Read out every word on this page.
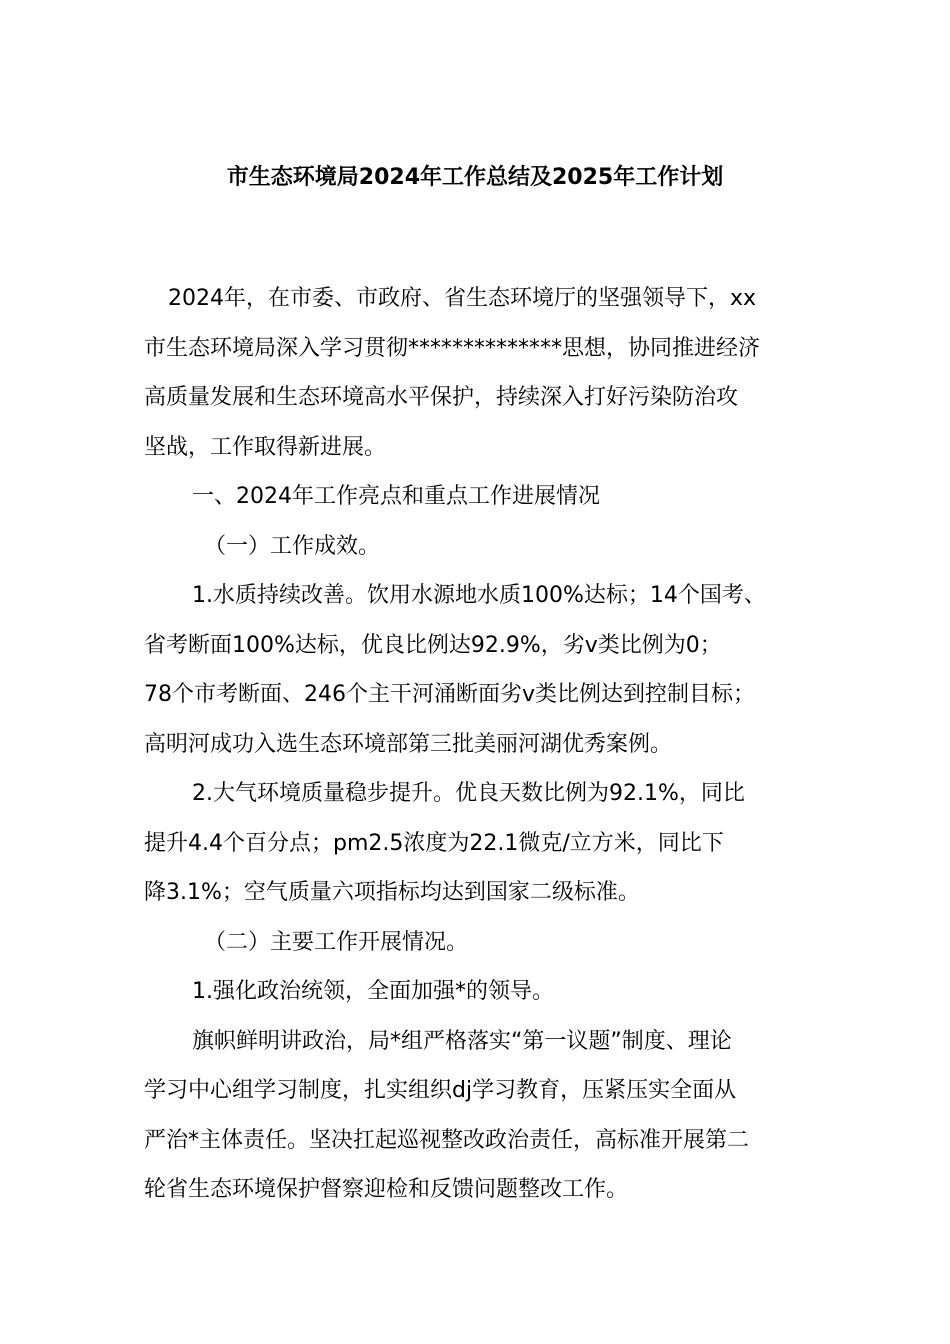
市生态环境局2024年工作总结及2025年工作计划

2024年，在市委、市政府、省生态环境厅的坚强领导下，xx
市生态环境局深入学习贯彻**************思想，协同推进经济
高质量发展和生态环境高水平保护，持续深入打好污染防治攻
坚战，工作取得新进展。

一、2024年工作亮点和重点工作进展情况

（一）工作成效。

1.水质持续改善。饮用水源地水质100%达标；14个国考、
省考断面100%达标，优良比例达92.9%，劣v类比例为0；
78个市考断面、246个主干河涌断面劣v类比例达到控制目标；
高明河成功入选生态环境部第三批美丽河湖优秀案例。

2.大气环境质量稳步提升。优良天数比例为92.1%，同比
提升4.4个百分点；pm2.5浓度为22.1微克/立方米，同比下
降3.1%；空气质量六项指标均达到国家二级标准。

（二）主要工作开展情况。

1.强化政治统领，全面加强*的领导。

旗帜鲜明讲政治，局*组严格落实“第一议题”制度、理论
学习中心组学习制度，扎实组织dj学习教育，压紧压实全面从
严治*主体责任。坚决扛起巡视整改政治责任，高标准开展第二
轮省生态环境保护督察迎检和反馈问题整改工作。
